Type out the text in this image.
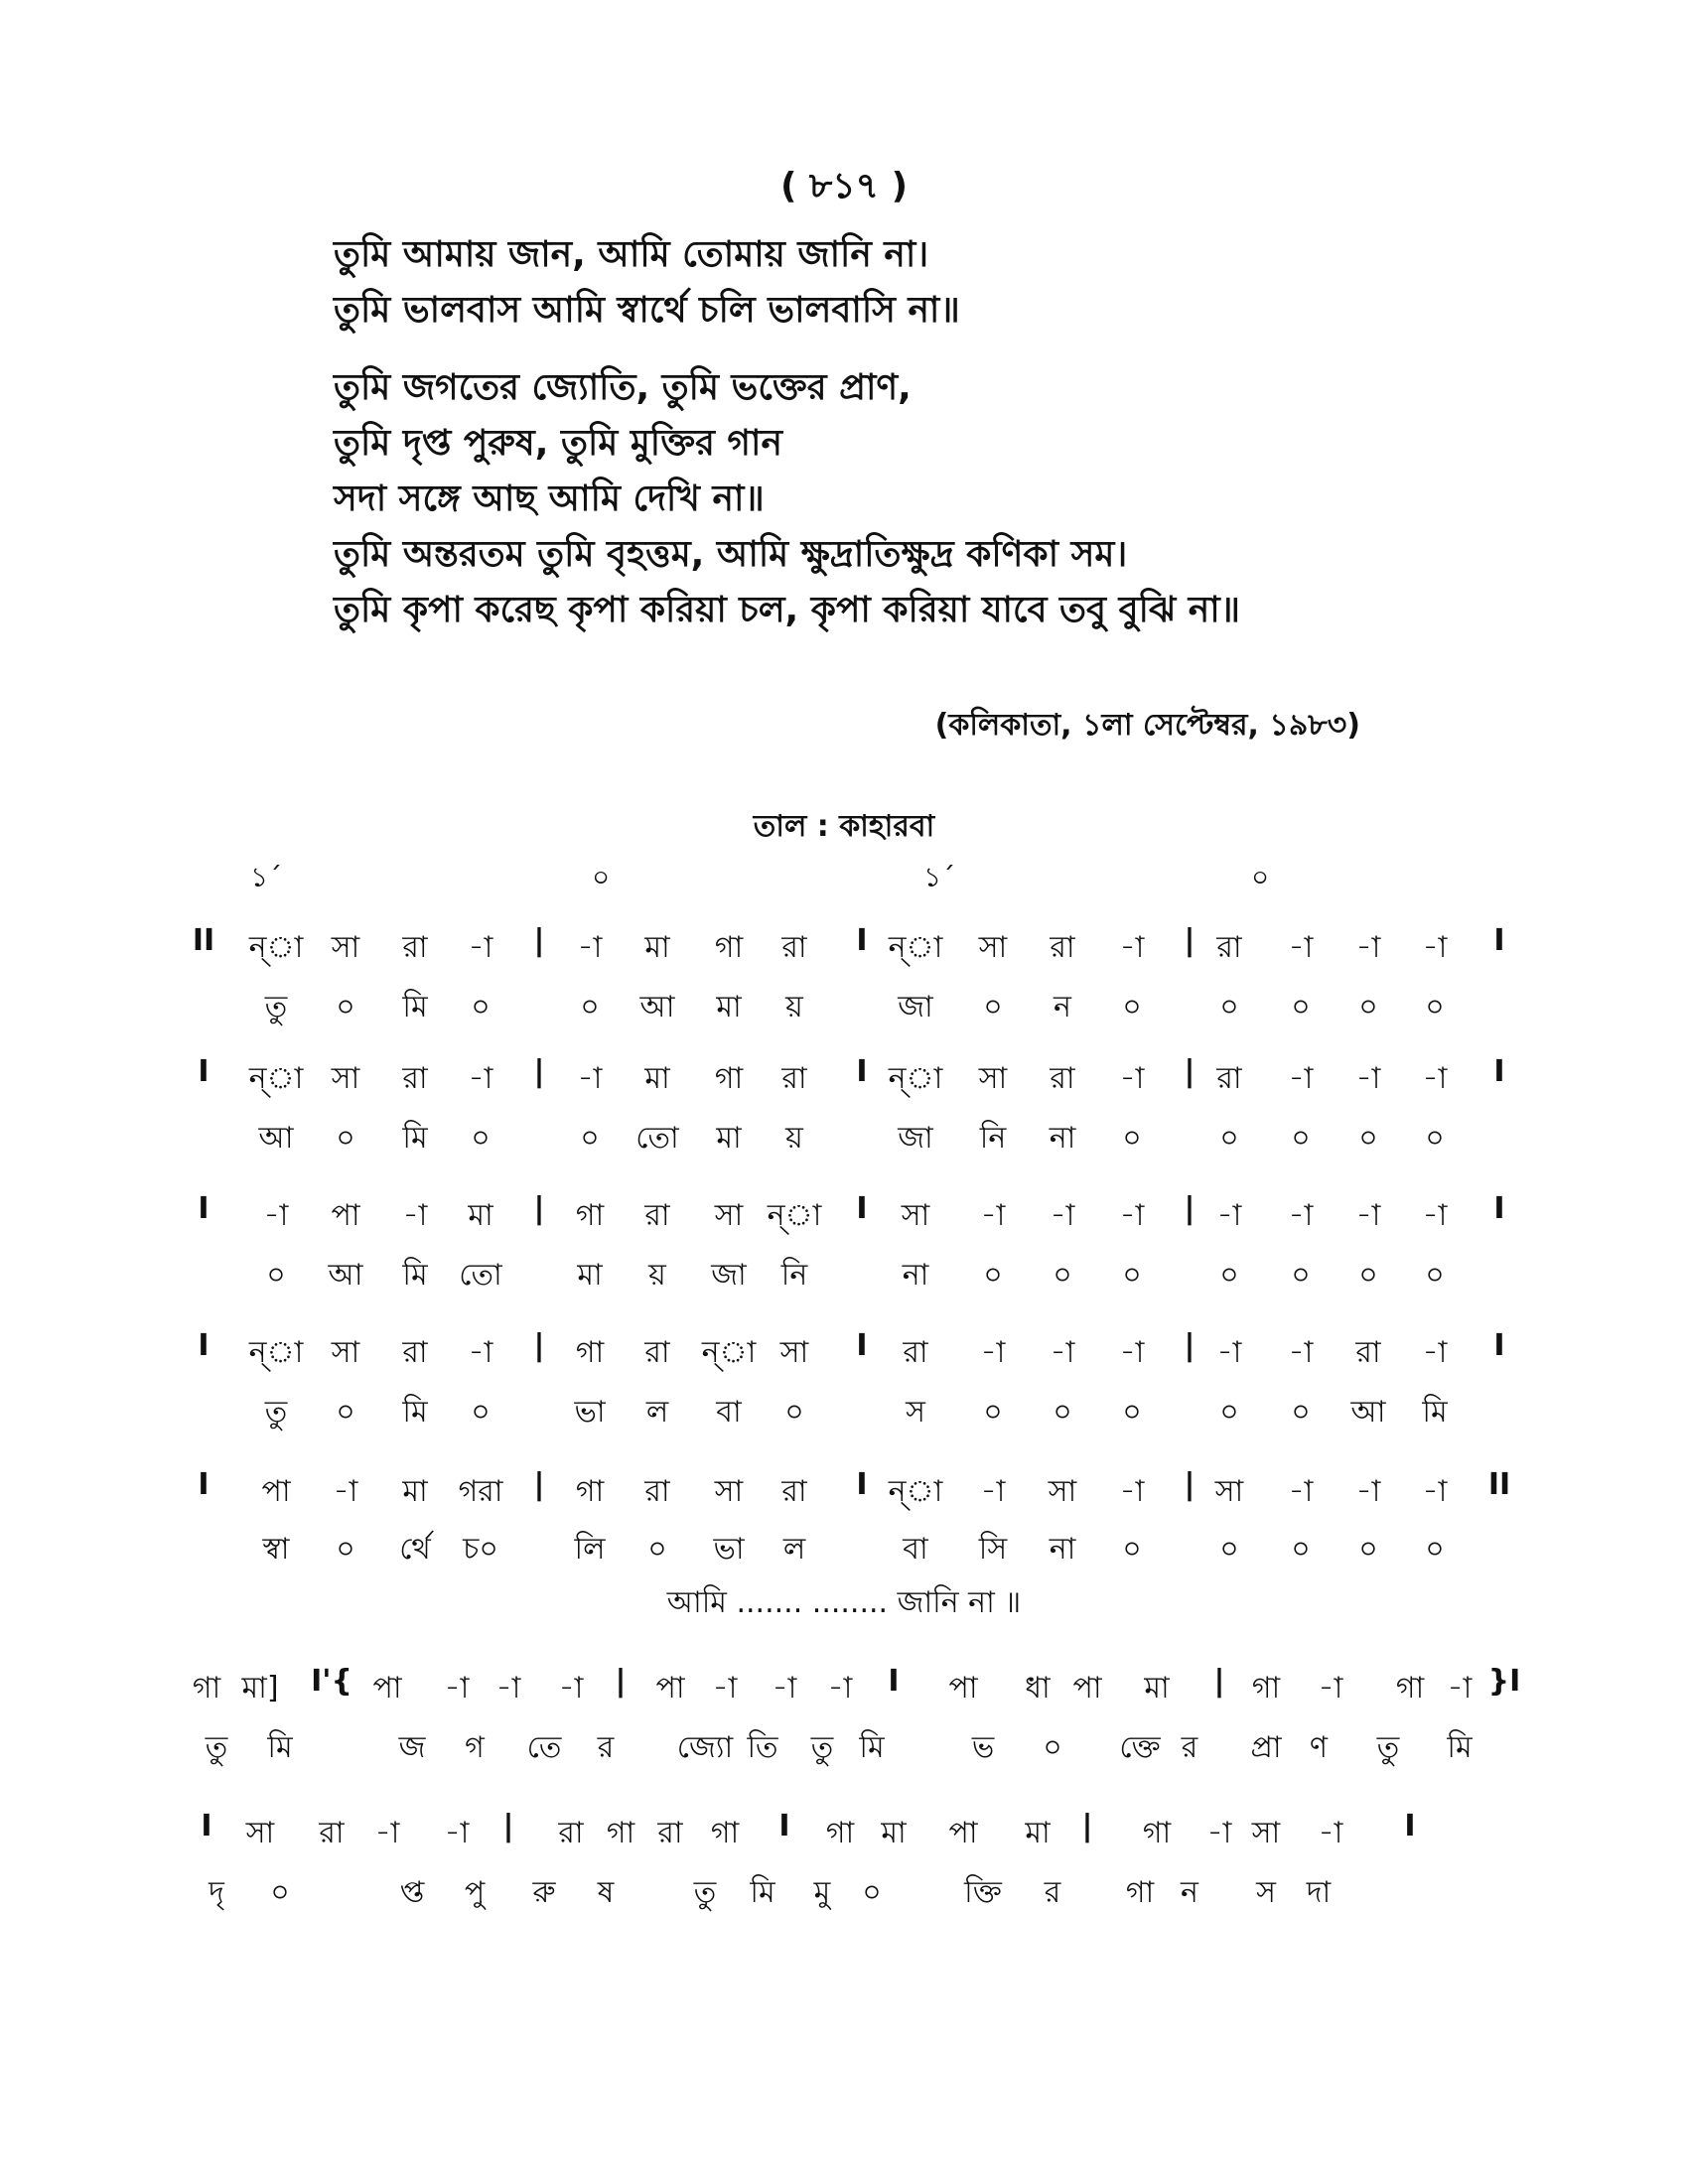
( ৮১৭ )
তুমি আমায় জান, আমি তোমায় জানি না।
তুমি ভালবাস আমি স্বার্থে চলি ভালবাসি না॥
তুমি জগতের জ্যোতি, তুমি ভক্তের প্রাণ,
তুমি দৃপ্ত পুরুষ, তুমি মুক্তির গান
সদা সঙ্গে আছ আমি দেখি না॥
তুমি অন্তরতম তুমি বৃহত্তম, আমি ক্ষুদ্রাতিক্ষুদ্র কণিকা সম।
তুমি কৃপা করেছ কৃপা করিয়া চল, কৃপা করিয়া যাবে তবু বুঝি না॥
(কলিকাতা, ১লা সেপ্টেম্বর, ১৯৮৩)
তাল : কাহারবা
১´	০	১´	০
II	ন্‌া সা	রা	-া	|	-া	মা	গা	রা	I ন্‌া	সা	রা	-া	| রা	-া	-া	-া	I
তু	০	মি	০	০	আ	মা	য়	জা	০	ন	০	০	০	০	০
I	ন্‌া সা	রা	-া	|	-া	মা	গা	রা	I ন্‌া	সা	রা	-া	| রা	-া	-া	-া	I
আ	০	মি	০	০	তো	মা	য়	জা	নি	না	০	০	০	০	০
I	-া	পা	-া	মা	|	গা	রা	সা ন্‌া	I	সা	-া	-া	-া	| -া	-া	-া	-া	I
০	আ	মি	তো	মা	য়	জা	নি	না	০	০	০	০	০	০	০
I	ন্‌া সা	রা	-া	|	গা	রা	ন্‌া সা	I	রা	-া	-া	-া	| -া	-া	রা	-া	I
তু	০	মি	০	ভা	ল	বা	০	স	০	০	০	০	০	আ	মি
I	পা	-া	মা	গরা	|	গা	রা	সা	রা	I ন্‌া	-া	সা	-া	| সা	-া	-া	-া	II
স্বা	০	র্থে	চ০	লি	০	ভা	ল	বা	সি	না	০	০	০	০	০
গা মা]	I'{ পা	-া -া	-া	| পা -া	-া	-া	I	পা	ধা পা	মা	| গা	-া	গা -া }I
তু	মি	জ	গ	তে	র	জ্যো তি	তু মি	ভ	০	ক্তে র	প্রা ণ	তু	মি
I	সা	রা	-া	-া	|	রা গা রা গা	I	গা মা	পা	মা	|	গা	-া সা	-া	I
দৃ	০	প্ত	পু	রু	ষ	তু	মি	মু	০	ক্তি	র	গা ন	স	দা
আমি ....... ........ জানি না ॥
